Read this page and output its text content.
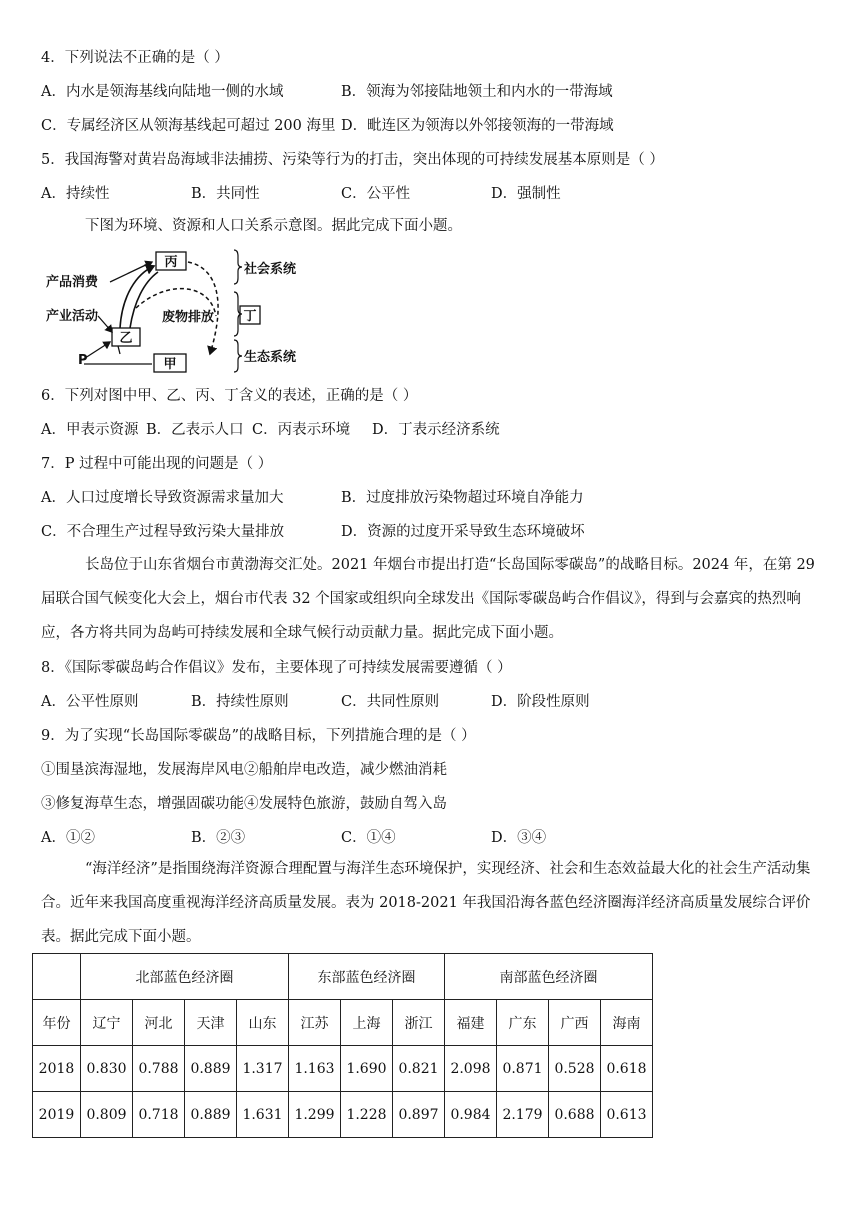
4．下列说法不正确的是（ ）
A．内水是领海基线向陆地一侧的水域	B．领海为邻接陆地领土和内水的一带海域
C．专属经济区从领海基线起可超过 200 海里 D．毗连区为领海以外邻接领海的一带海域
5．我国海警对黄岩岛海域非法捕捞、污染等行为的打击，突出体现的可持续发展基本原则是（ ）
A．持续性	B．共同性	C．公平性	D．强制性
下图为环境、资源和人口关系示意图。据此完成下面小题。
丙
乙
甲
丁
产品消费
产业活动	废物排放
P
社会系统
生态系统
6．下列对图中甲、乙、丙、丁含义的表述，正确的是（ ）
A．甲表示资源 B．乙表示人口 C．丙表示环境 D．丁表示经济系统
7．P 过程中可能出现的问题是（ ）
A．人口过度增长导致资源需求量加大	B．过度排放污染物超过环境自净能力
C．不合理生产过程导致污染大量排放	D．资源的过度开采导致生态环境破坏
长岛位于山东省烟台市黄渤海交汇处。2021 年烟台市提出打造“长岛国际零碳岛”的战略目标。2024 年，在第 29 届联合国气候变化大会上，烟台市代表 32 个国家或组织向全球发出《国际零碳岛屿合作倡议》，得到与会嘉宾的热烈响应，各方将共同为岛屿可持续发展和全球气候行动贡献力量。据此完成下面小题。
8．《国际零碳岛屿合作倡议》发布，主要体现了可持续发展需要遵循（ ）
A．公平性原则	B．持续性原则	C．共同性原则	D．阶段性原则
9．为了实现“长岛国际零碳岛”的战略目标，下列措施合理的是（ ）
①围垦滨海湿地，发展海岸风电②船舶岸电改造，减少燃油消耗
③修复海草生态，增强固碳功能④发展特色旅游，鼓励自驾入岛
A．①②	B．②③	C．①④	D．③④
“海洋经济”是指围绕海洋资源合理配置与海洋生态环境保护，实现经济、社会和生态效益最大化的社会生产活动集合。近年来我国高度重视海洋经济高质量发展。表为 2018-2021 年我国沿海各蓝色经济圈海洋经济高质量发展综合评价表。据此完成下面小题。
	北部蓝色经济圈				东部蓝色经济圈			南部蓝色经济圈			
年份	辽宁	河北	天津	山东	江苏	上海	浙江	福建	广东	广西	海南
2018	0.830	0.788	0.889	1.317	1.163	1.690	0.821	2.098	0.871	0.528	0.618
2019	0.809	0.718	0.889	1.631	1.299	1.228	0.897	0.984	2.179	0.688	0.613
